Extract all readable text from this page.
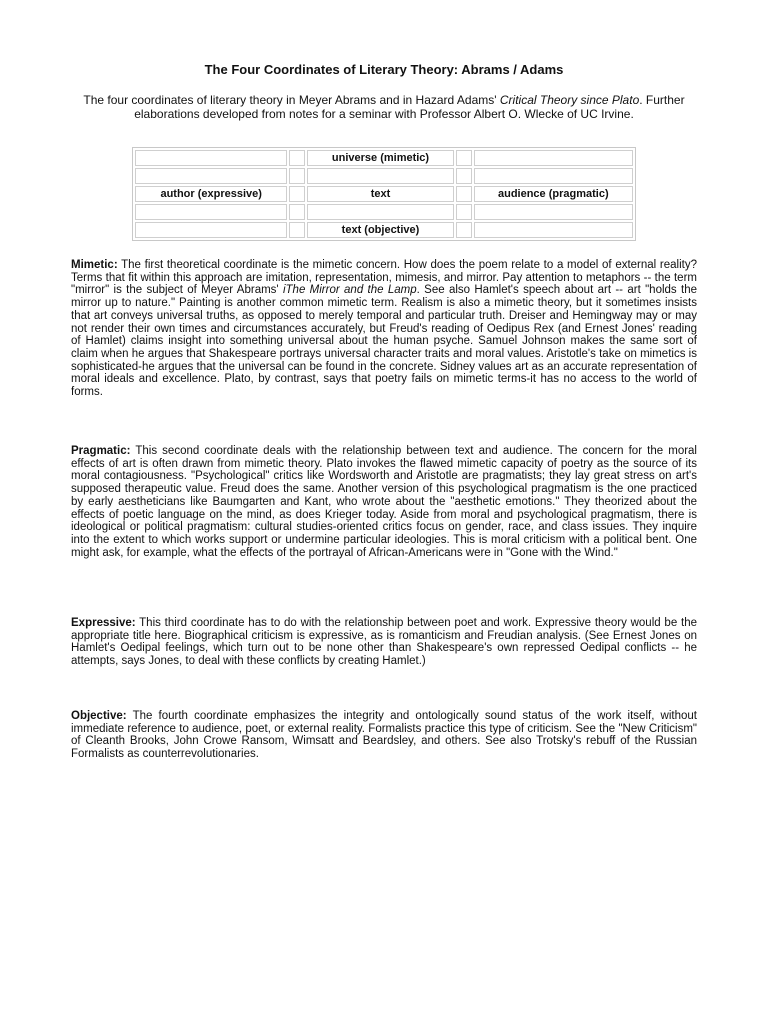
The Four Coordinates of Literary Theory: Abrams / Adams
The four coordinates of literary theory in Meyer Abrams and in Hazard Adams' Critical Theory since Plato. Further elaborations developed from notes for a seminar with Professor Albert O. Wlecke of UC Irvine.
		universe (mimetic)		

author (expressive)		text		audience (pragmatic)

		text (objective)		
Mimetic: The first theoretical coordinate is the mimetic concern. How does the poem relate to a model of external reality? Terms that fit within this approach are imitation, representation, mimesis, and mirror. Pay attention to metaphors -- the term "mirror" is the subject of Meyer Abrams' iThe Mirror and the Lamp. See also Hamlet's speech about art -- art "holds the mirror up to nature." Painting is another common mimetic term. Realism is also a mimetic theory, but it sometimes insists that art conveys universal truths, as opposed to merely temporal and particular truth. Dreiser and Hemingway may or may not render their own times and circumstances accurately, but Freud's reading of Oedipus Rex (and Ernest Jones' reading of Hamlet) claims insight into something universal about the human psyche. Samuel Johnson makes the same sort of claim when he argues that Shakespeare portrays universal character traits and moral values. Aristotle's take on mimetics is sophisticated-he argues that the universal can be found in the concrete. Sidney values art as an accurate representation of moral ideals and excellence. Plato, by contrast, says that poetry fails on mimetic terms-it has no access to the world of forms.
Pragmatic: This second coordinate deals with the relationship between text and audience. The concern for the moral effects of art is often drawn from mimetic theory. Plato invokes the flawed mimetic capacity of poetry as the source of its moral contagiousness. "Psychological" critics like Wordsworth and Aristotle are pragmatists; they lay great stress on art's supposed therapeutic value. Freud does the same. Another version of this psychological pragmatism is the one practiced by early aestheticians like Baumgarten and Kant, who wrote about the "aesthetic emotions." They theorized about the effects of poetic language on the mind, as does Krieger today. Aside from moral and psychological pragmatism, there is ideological or political pragmatism: cultural studies-oriented critics focus on gender, race, and class issues. They inquire into the extent to which works support or undermine particular ideologies. This is moral criticism with a political bent. One might ask, for example, what the effects of the portrayal of African-Americans were in "Gone with the Wind."
Expressive: This third coordinate has to do with the relationship between poet and work. Expressive theory would be the appropriate title here. Biographical criticism is expressive, as is romanticism and Freudian analysis. (See Ernest Jones on Hamlet's Oedipal feelings, which turn out to be none other than Shakespeare's own repressed Oedipal conflicts -- he attempts, says Jones, to deal with these conflicts by creating Hamlet.)
Objective: The fourth coordinate emphasizes the integrity and ontologically sound status of the work itself, without immediate reference to audience, poet, or external reality. Formalists practice this type of criticism. See the "New Criticism" of Cleanth Brooks, John Crowe Ransom, Wimsatt and Beardsley, and others. See also Trotsky's rebuff of the Russian Formalists as counterrevolutionaries.
